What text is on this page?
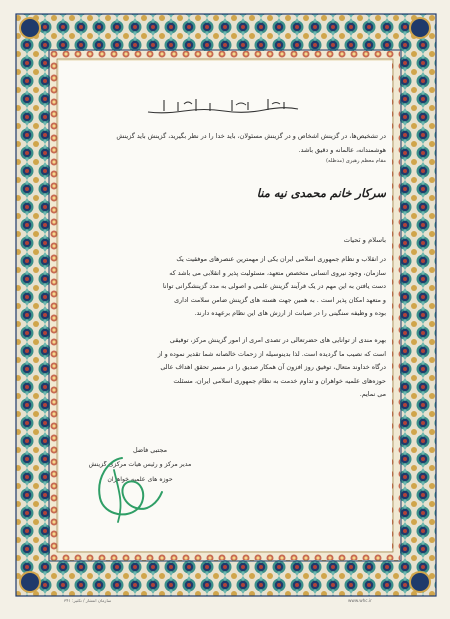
در تشخیص‌ها، در گزینش اشخاص و در گزینش مسئولان، باید خدا را در نظر بگیرید، گزینش باید گزینش
هوشمندانه، عالمانه و دقیق باشد.
مقام معظم رهبری (مدظله)
سرکار خانم محمدی نیه منا
باسلام و تحیات
در انقلاب و نظام جمهوری اسلامی ایران یکی از مهمترین عنصرهای موفقیت یک
سازمان، وجود نیروی انسانی متخصص متعهد، مسئولیت پذیر و انقلابی می باشد که
دست یافتن به این مهم در یک فرآیند گزینش علمی و اصولی به مدد گزینشگرانی توانا
و متعهد امکان پذیر است . به همین جهت هسته های گزینش ضامن سلامت اداری
بوده و وظیفه سنگینی را در صیانت از ارزش های این نظام برعهده دارند.
بهره مندی از توانایی های حضرتعالی در تصدی امری از امور گزینش مرکز، توفیقی
است که نصیب ما گردیده است. لذا بدینوسیله از زحمات خالصانه شما تقدیر نموده و از
درگاه خداوند متعال، توفیق روز افزون آن همکار صدیق را در مسیر تحقق اهداف عالی
حوزه‌های علمیه خواهران و تداوم خدمت به نظام جمهوری اسلامی ایران، مسئلت
می نمایم.
مجتبی فاضل
مدیر مرکز و رئیس هیات مرکزی گزینش
حوزه های علمیه خواهران
سازمان انتشار / تکثیر: ۳۴۱	www.whc.ir
